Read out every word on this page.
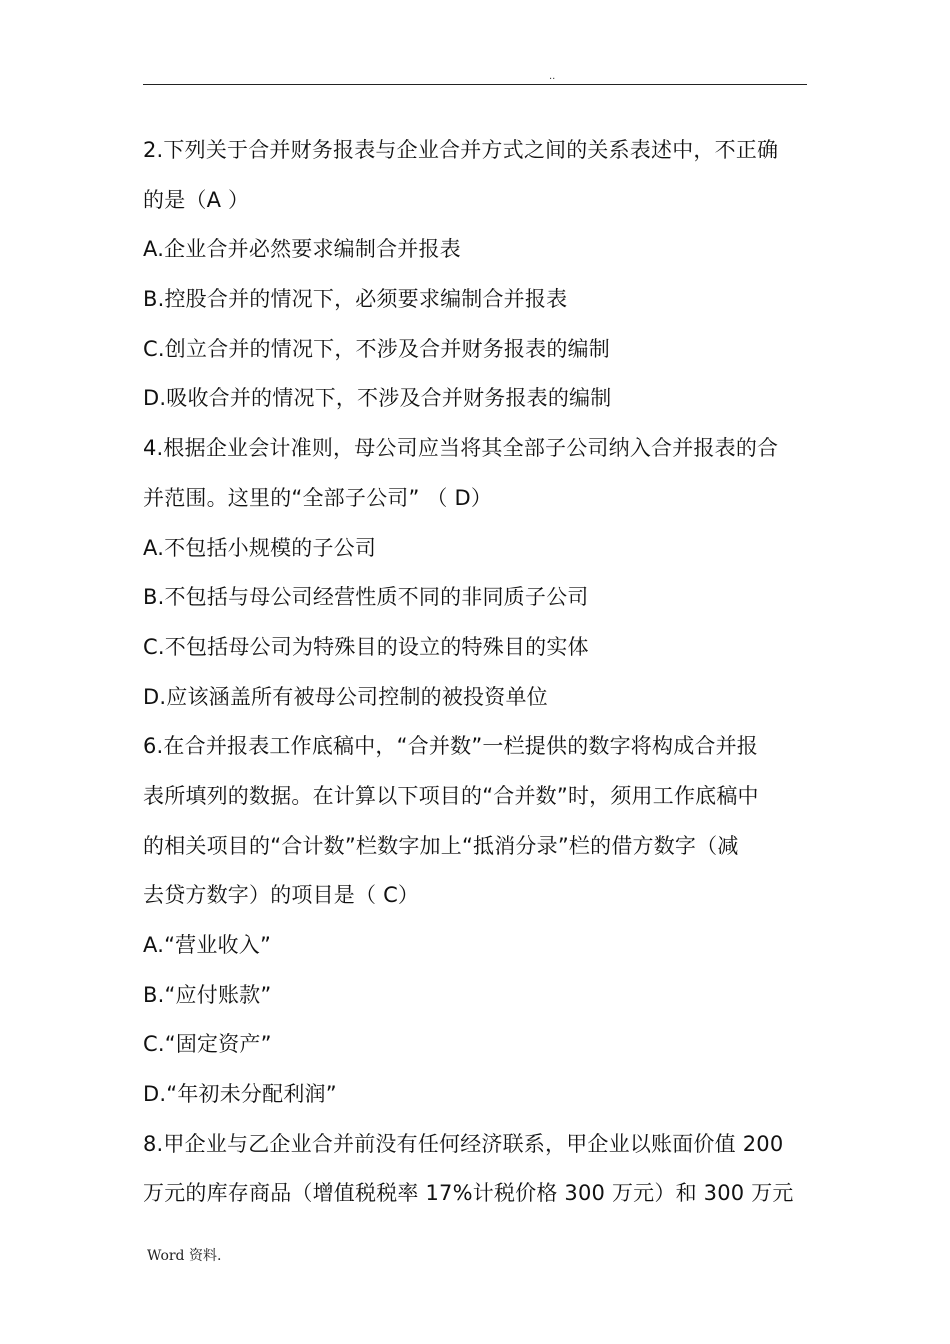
..
2.下列关于合并财务报表与企业合并方式之间的关系表述中，不正确
的是（A ）
A.企业合并必然要求编制合并报表
B.控股合并的情况下，必须要求编制合并报表
C.创立合并的情况下，不涉及合并财务报表的编制
D.吸收合并的情况下，不涉及合并财务报表的编制
4.根据企业会计准则，母公司应当将其全部子公司纳入合并报表的合
并范围。这里的“全部子公司” （ D）
A.不包括小规模的子公司
B.不包括与母公司经营性质不同的非同质子公司
C.不包括母公司为特殊目的设立的特殊目的实体
D.应该涵盖所有被母公司控制的被投资单位
6.在合并报表工作底稿中，“合并数”一栏提供的数字将构成合并报
表所填列的数据。在计算以下项目的“合并数”时，须用工作底稿中
的相关项目的“合计数”栏数字加上“抵消分录”栏的借方数字（减
去贷方数字）的项目是（ C）
A.“营业收入”
B.“应付账款”
C.“固定资产”
D.“年初未分配利润”
8.甲企业与乙企业合并前没有任何经济联系，甲企业以账面价值 200
万元的库存商品（增值税税率 17%计税价格 300 万元）和 300 万元
Word 资料.
